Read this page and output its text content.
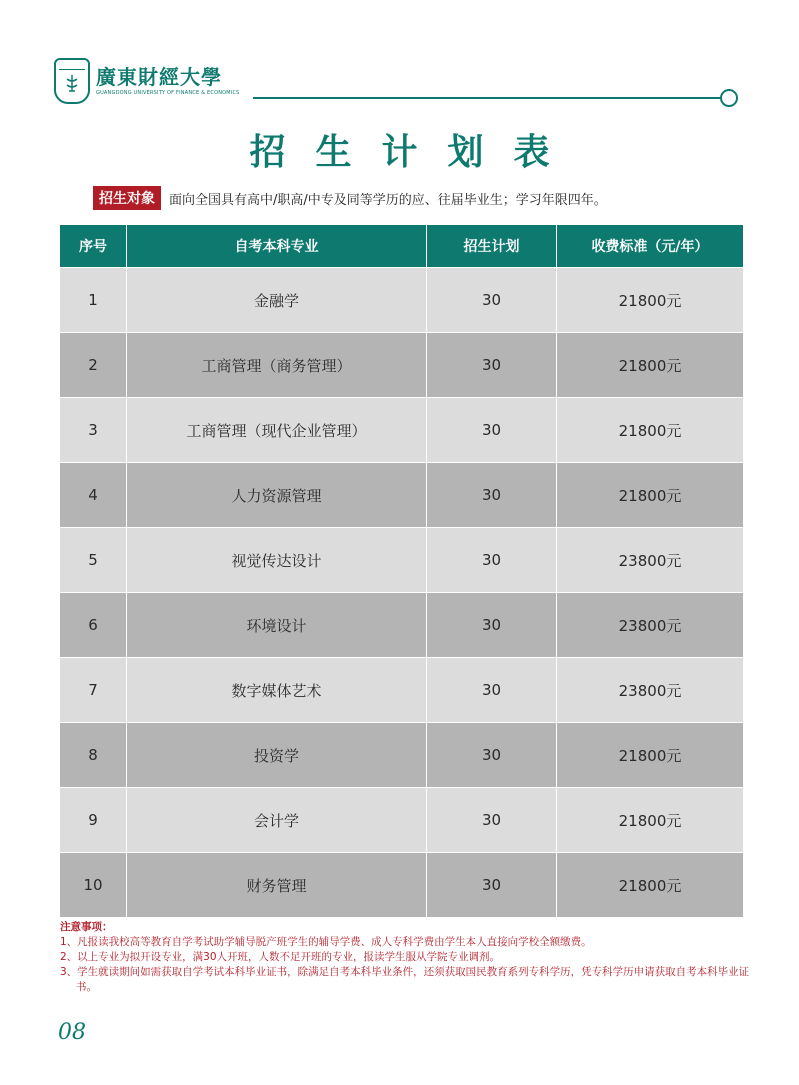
廣東財經大學
GUANGDONG UNIVERSITY OF FINANCE & ECONOMICS
招生计划表
招生对象	面向全国具有高中/职高/中专及同等学历的应、往届毕业生；学习年限四年。
序号	自考本科专业	招生计划	收费标准（元/年）
1	金融学	30	21800元
2	工商管理（商务管理）	30	21800元
3	工商管理（现代企业管理）	30	21800元
4	人力资源管理	30	21800元
5	视觉传达设计	30	23800元
6	环境设计	30	23800元
7	数字媒体艺术	30	23800元
8	投资学	30	21800元
9	会计学	30	21800元
10	财务管理	30	21800元
注意事项：
1、凡报读我校高等教育自学考试助学辅导脱产班学生的辅导学费、成人专科学费由学生本人直接向学校全额缴费。
2、以上专业为拟开设专业，满30人开班，人数不足开班的专业，报读学生服从学院专业调剂。
3、学生就读期间如需获取自学考试本科毕业证书，除满足自考本科毕业条件，还须获取国民教育系列专科学历，凭专科学历申请获取自考本科毕业证书。
08
